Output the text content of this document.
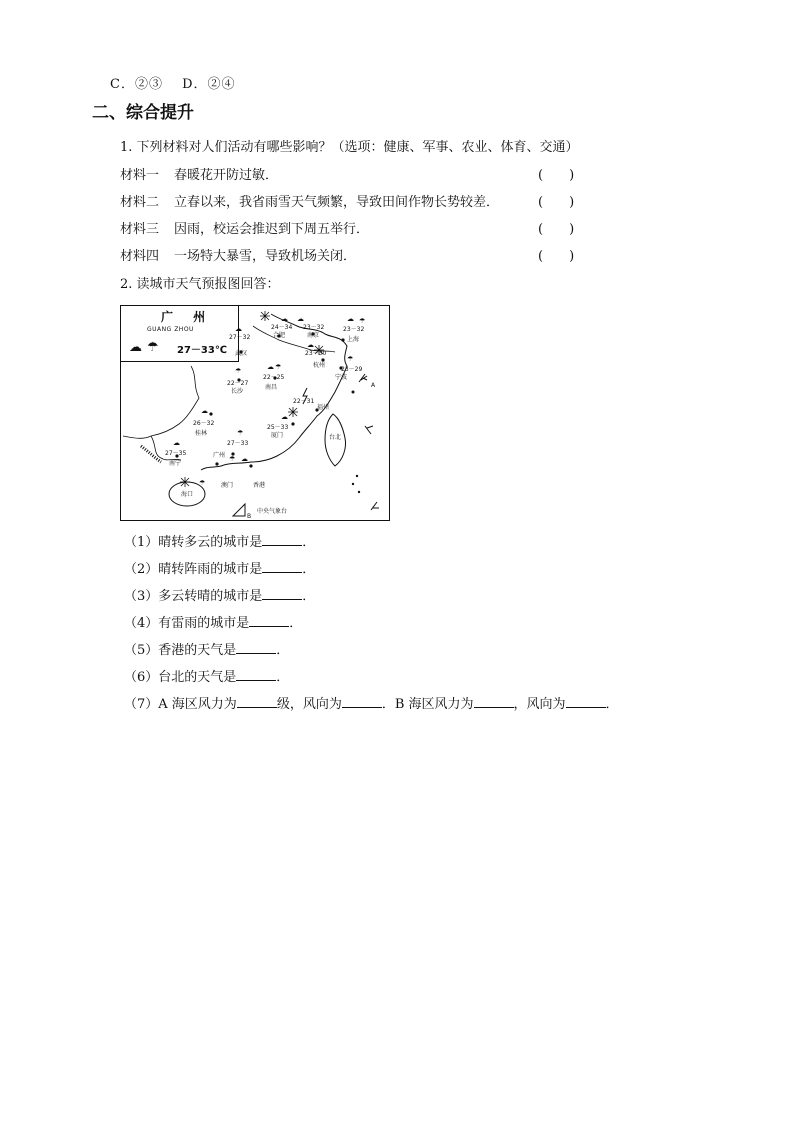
C．②③ D．②④
二、综合提升
1. 下列材料对人们活动有哪些影响？（选项：健康、军事、农业、体育、交通）
材料一 春暖花开防过敏．	(　　)
材料二 立春以来，我省雨雪天气频繁，导致田间作物长势较差．	(　　)
材料三 因雨，校运会推迟到下周五举行．	(　　)
材料四 一场特大暴雪，导致机场关闭．	(　　)
2. 读城市天气预报图回答：
广 州
GUANG ZHOU
☁ ☂ 27－33℃
27－32
武汉
24－34
合肥
23－32
南京
23－32
上海
23－30
杭州
23－29
宁波
22－27
长沙
22－25
南昌
22－31
福州
25－33
厦门
26－32
桂林
27－33
广州
27－35
南宁
台北
澳门	香港
海口
☁
☁ ☁	☁ ☂
☁
☂
☂	☁ ☂
☁
☁
☂
☁
☂ ☁
☂
A
B
中央气象台
（1）晴转多云的城市是	．
（2）晴转阵雨的城市是	．
（3）多云转晴的城市是	．
（4）有雷雨的城市是	．
（5）香港的天气是	．
（6）台北的天气是	．
（7）A 海区风力为	级，风向为	．B 海区风力为	，风向为	．
